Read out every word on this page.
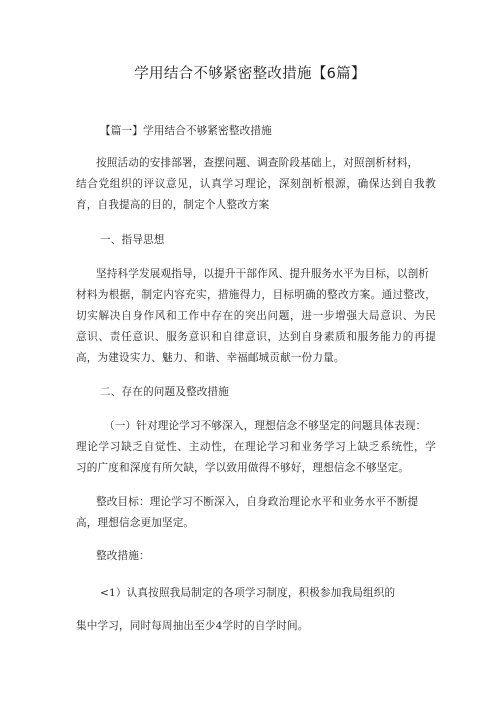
学用结合不够紧密整改措施【6篇】
【篇一】学用结合不够紧密整改措施
按照活动的安排部署，查摆问题、调查阶段基础上，对照剖析材料，
结合党组织的评议意见，认真学习理论，深刻剖析根源，确保达到自我教
育，自我提高的目的，制定个人整改方案
一、指导思想
坚持科学发展观指导，以提升干部作风、提升服务水平为目标，以剖析
材料为根据，制定内容充实，措施得力，目标明确的整改方案。通过整改，
切实解决自身作风和工作中存在的突出问题，进一步增强大局意识、为民
意识、责任意识、服务意识和自律意识，达到自身素质和服务能力的再提
高，为建设实力、魅力、和谐、幸福邮城贡献一份力量。
二、存在的问题及整改措施
（一）针对理论学习不够深入，理想信念不够坚定的问题具体表现：
理论学习缺乏自觉性、主动性，在理论学习和业务学习上缺乏系统性，学
习的广度和深度有所欠缺，学以致用做得不够好，理想信念不够坚定。
整改目标：理论学习不断深入，自身政治理论水平和业务水平不断提
高，理想信念更加坚定。
整改措施：
<1）认真按照我局制定的各项学习制度，积极参加我局组织的
集中学习，同时每周抽出至少4学时的自学时间。
